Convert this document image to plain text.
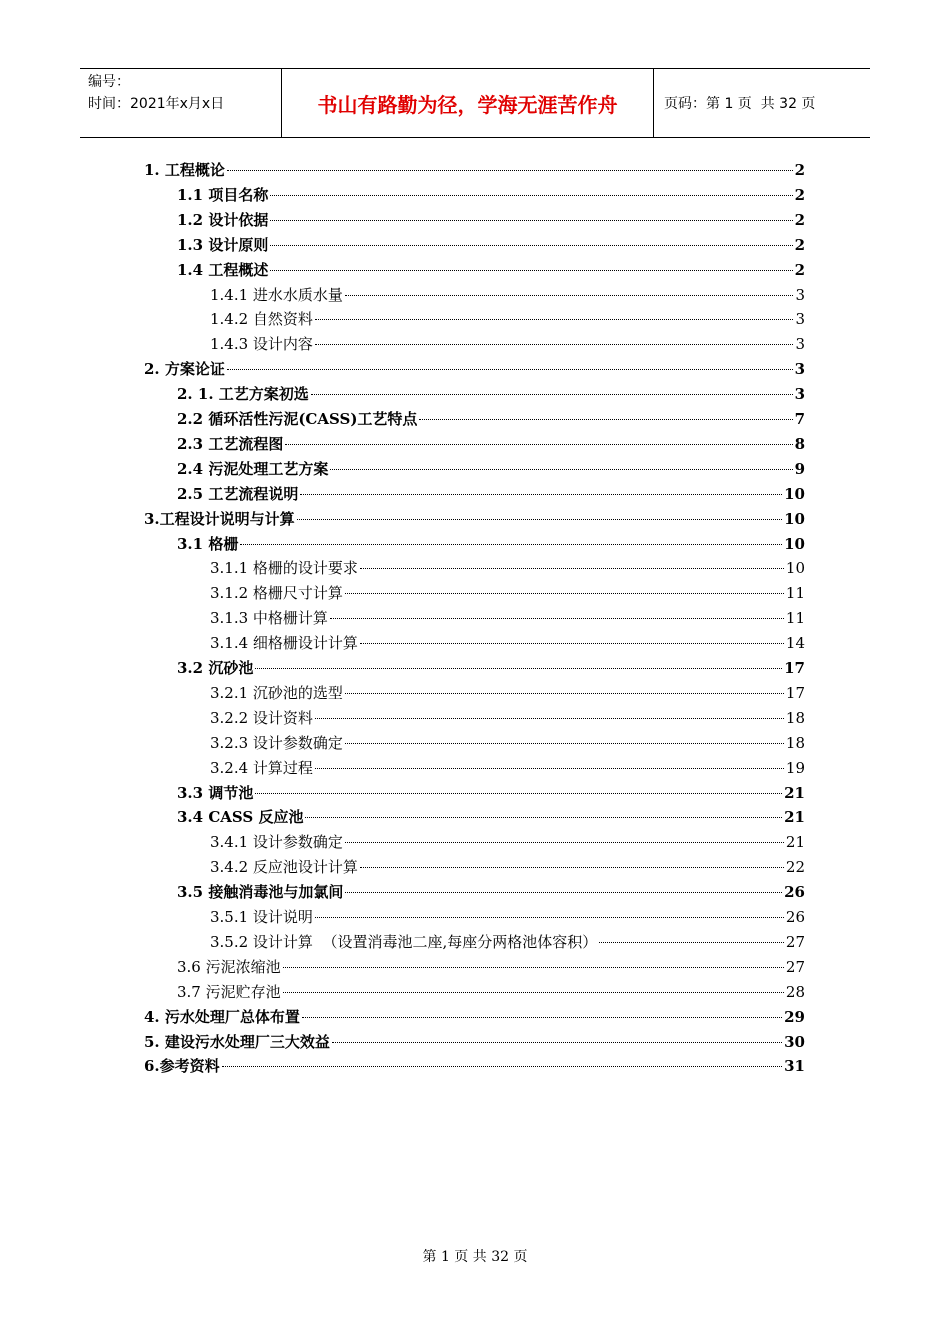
编号：
时间：2021年x月x日	书山有路勤为径，学海无涯苦作舟	页码：第 1 页  共 32 页
1. 工程概论	2
1.1 项目名称	2
1.2 设计依据	2
1.3 设计原则	2
1.4 工程概述	2
1.4.1 进水水质水量	3
1.4.2 自然资料	3
1.4.3 设计内容	3
2. 方案论证	3
2. 1. 工艺方案初选	3
2.2 循环活性污泥(CASS)工艺特点	7
2.3 工艺流程图	8
2.4 污泥处理工艺方案	9
2.5 工艺流程说明	10
3.工程设计说明与计算	10
3.1 格栅	10
3.1.1 格栅的设计要求	10
3.1.2 格栅尺寸计算	11
3.1.3 中格栅计算	11
3.1.4 细格栅设计计算	14
3.2 沉砂池	17
3.2.1 沉砂池的选型	17
3.2.2 设计资料	18
3.2.3 设计参数确定	18
3.2.4 计算过程	19
3.3 调节池	21
3.4 CASS 反应池	21
3.4.1 设计参数确定	21
3.4.2 反应池设计计算	22
3.5 接触消毒池与加氯间	26
3.5.1 设计说明	26
3.5.2 设计计算  （设置消毒池二座,每座分两格池体容积）	27
3.6 污泥浓缩池	27
3.7 污泥贮存池	28
4. 污水处理厂总体布置	29
5. 建设污水处理厂三大效益	30
6.参考资料	31
第 1 页 共 32 页
